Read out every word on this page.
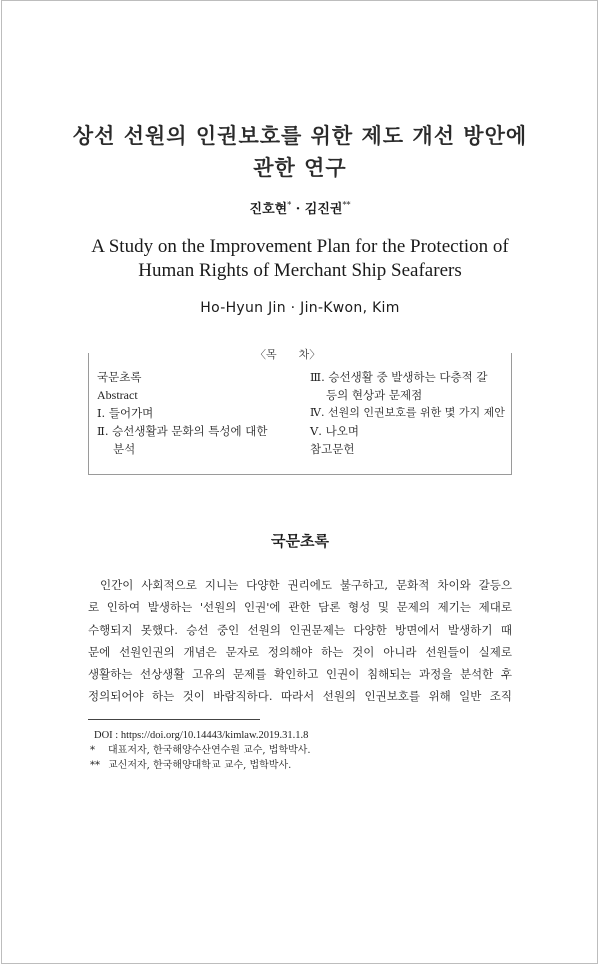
상선 선원의 인권보호를 위한 제도 개선 방안에
관한 연구
진호현* · 김진권**
A Study on the Improvement Plan for the Protection of
Human Rights of Merchant Ship Seafarers
Ho-Hyun Jin · Jin-Kwon, Kim
〈목　　차〉
국문초록
Abstract
Ⅰ. 들어가며
Ⅱ. 승선생활과 문화의 특성에 대한
분석
Ⅲ. 승선생활 중 발생하는 다층적 갈
등의 현상과 문제점
Ⅳ. 선원의 인권보호를 위한 몇 가지 제안
Ⅴ. 나오며
참고문헌
국문초록
인간이 사회적으로 지니는 다양한 권리에도 불구하고, 문화적 차이와 갈등으
로 인하여 발생하는 '선원의 인권'에 관한 담론 형성 및 문제의 제기는 제대로
수행되지 못했다. 승선 중인 선원의 인권문제는 다양한 방면에서 발생하기 때
문에 선원인권의 개념은 문자로 정의해야 하는 것이 아니라 선원들이 실제로
생활하는 선상생활 고유의 문제를 확인하고 인권이 침해되는 과정을 분석한 후
정의되어야 하는 것이 바람직하다. 따라서 선원의 인권보호를 위해 일반 조직
DOI : https://doi.org/10.14443/kimlaw.2019.31.1.8
* 대표저자, 한국해양수산연수원 교수, 법학박사.
** 교신저자, 한국해양대학교 교수, 법학박사.
